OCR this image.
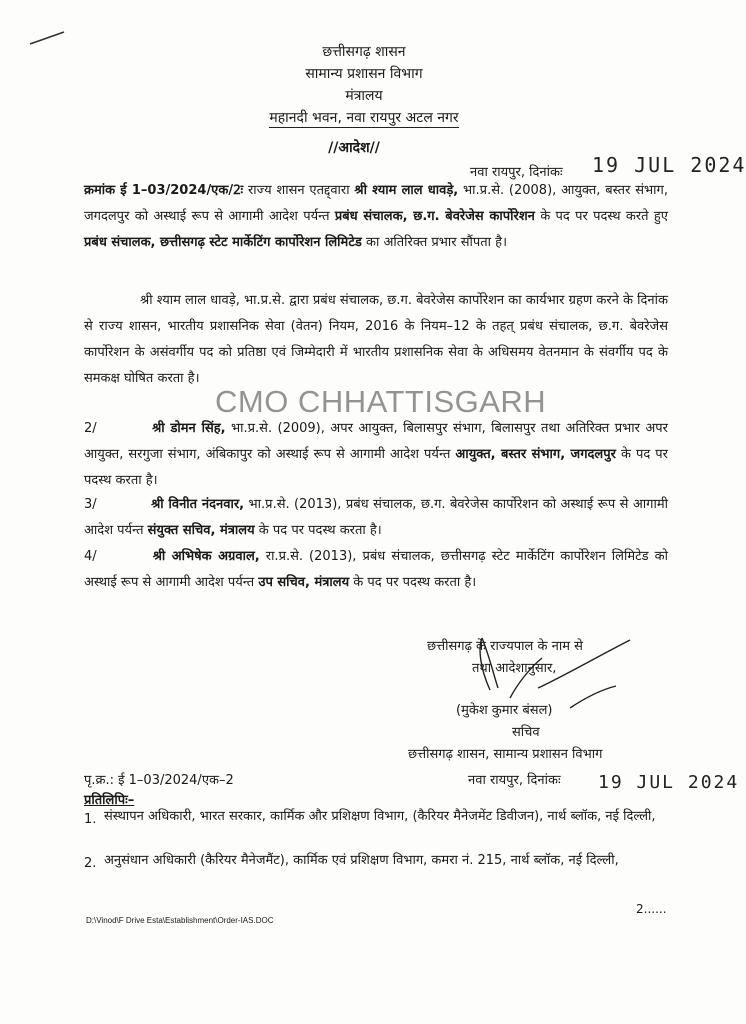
छत्तीसगढ़ शासन
सामान्य प्रशासन विभाग
मंत्रालय
महानदी भवन, नवा रायपुर अटल नगर
//आदेश//
नवा रायपुर, दिनांकः 19 JUL 2024
क्रमांक ई 1–03/2024/एक/2ः राज्य शासन एतद्द्वारा श्री श्याम लाल धावड़े, भा.प्र.से. (2008), आयुक्त, बस्तर संभाग, जगदलपुर को अस्थाई रूप से आगामी आदेश पर्यन्त प्रबंध संचालक, छ.ग. बेवरेजेस कार्पोरेशन के पद पर पदस्थ करते हुए प्रबंध संचालक, छत्तीसगढ़ स्टेट मार्केटिंग कार्पोरेशन लिमिटेड का अतिरिक्त प्रभार सौंपता है।
श्री श्याम लाल धावड़े, भा.प्र.से. द्वारा प्रबंध संचालक, छ.ग. बेवरेजेस कार्पोरेशन का कार्यभार ग्रहण करने के दिनांक से राज्य शासन, भारतीय प्रशासनिक सेवा (वेतन) नियम, 2016 के नियम–12 के तहत् प्रबंध संचालक, छ.ग. बेवरेजेस कार्पोरेशन के असंवर्गीय पद को प्रतिष्ठा एवं जिम्मेदारी में भारतीय प्रशासनिक सेवा के अधिसमय वेतनमान के संवर्गीय पद के समकक्ष घोषित करता है।
CMO CHHATTISGARH
2/	श्री डोमन सिंह, भा.प्र.से. (2009), अपर आयुक्त, बिलासपुर संभाग, बिलासपुर तथा अतिरिक्त प्रभार अपर आयुक्त, सरगुजा संभाग, अंबिकापुर को अस्थाई रूप से आगामी आदेश पर्यन्त आयुक्त, बस्तर संभाग, जगदलपुर के पद पर पदस्थ करता है।
3/	श्री विनीत नंदनवार, भा.प्र.से. (2013), प्रबंध संचालक, छ.ग. बेवरेजेस कार्पोरेशन को अस्थाई रूप से आगामी आदेश पर्यन्त संयुक्त सचिव, मंत्रालय के पद पर पदस्थ करता है।
4/	श्री अभिषेक अग्रवाल, रा.प्र.से. (2013), प्रबंध संचालक, छत्तीसगढ़ स्टेट मार्केटिंग कार्पोरेशन लिमिटेड को अस्थाई रूप से आगामी आदेश पर्यन्त उप सचिव, मंत्रालय के पद पर पदस्थ करता है।
छत्तीसगढ़ के राज्यपाल के नाम से
तथा आदेशानुसार,
(मुकेश कुमार बंसल)
सचिव
छत्तीसगढ़ शासन, सामान्य प्रशासन विभाग
पृ.क्र.: ई 1–03/2024/एक–2	नवा रायपुर, दिनांकः 19 JUL 2024
प्रतिलिपिः–
1. संस्थापन अधिकारी, भारत सरकार, कार्मिक और प्रशिक्षण विभाग, (कैरियर मैनेजमेंट डिवीजन), नार्थ ब्लॉक, नई दिल्ली,
2. अनुसंधान अधिकारी (कैरियर मैनेजमैंट), कार्मिक एवं प्रशिक्षण विभाग, कमरा नं. 215, नार्थ ब्लॉक, नई दिल्ली,
2......
D:\Vinod\F Drive Esta\Establishment\Order-IAS.DOC
